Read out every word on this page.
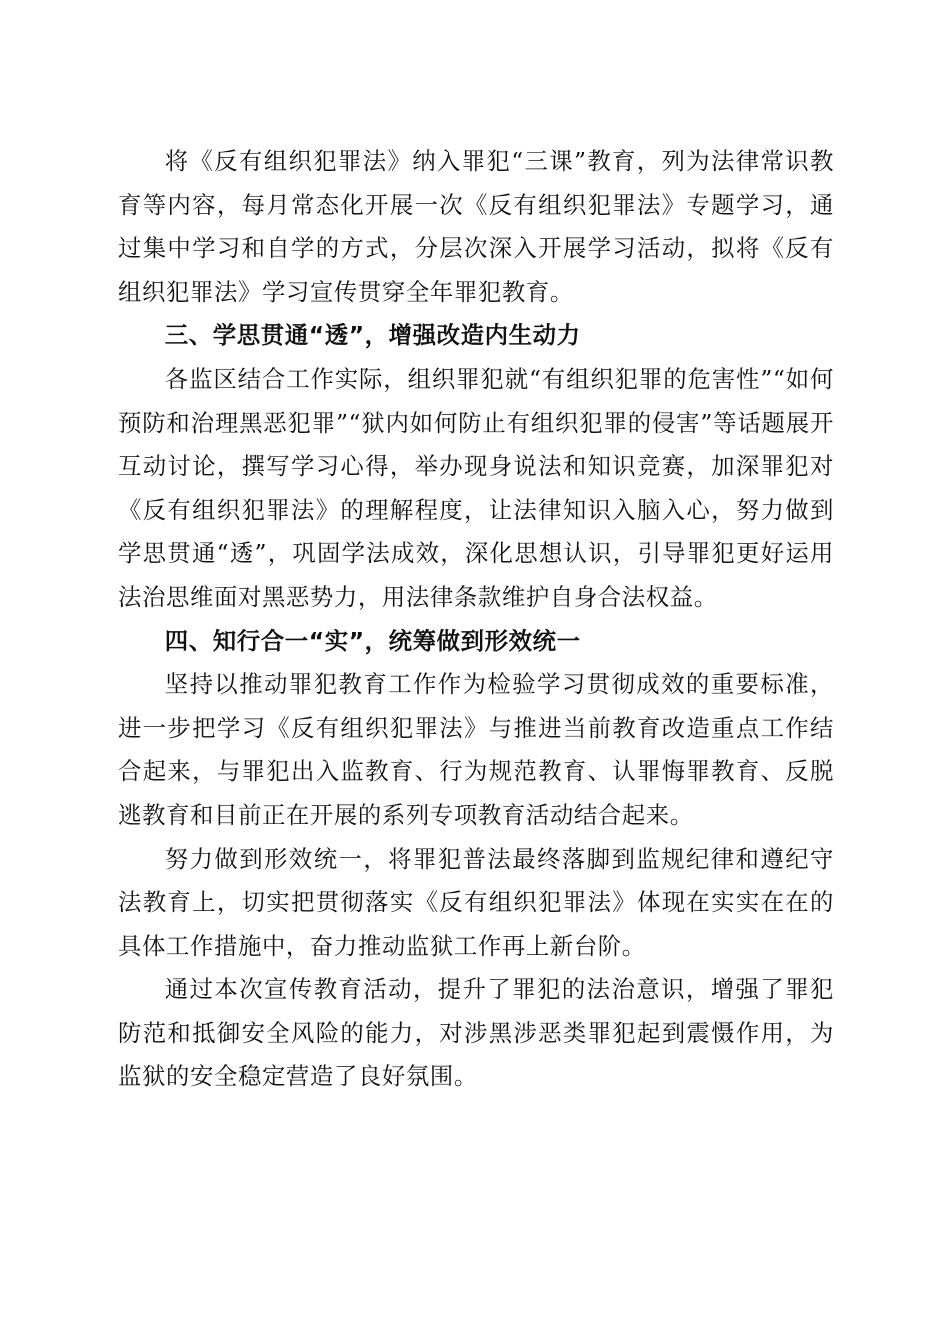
将《反有组织犯罪法》纳入罪犯“三课”教育，列为法律常识教育等内容，每月常态化开展一次《反有组织犯罪法》专题学习，通过集中学习和自学的方式，分层次深入开展学习活动，拟将《反有组织犯罪法》学习宣传贯穿全年罪犯教育。

三、学思贯通“透”，增强改造内生动力

各监区结合工作实际，组织罪犯就“有组织犯罪的危害性”“如何预防和治理黑恶犯罪”“狱内如何防止有组织犯罪的侵害”等话题展开互动讨论，撰写学习心得，举办现身说法和知识竞赛，加深罪犯对《反有组织犯罪法》的理解程度，让法律知识入脑入心，努力做到学思贯通“透”，巩固学法成效，深化思想认识，引导罪犯更好运用法治思维面对黑恶势力，用法律条款维护自身合法权益。

四、知行合一“实”，统筹做到形效统一

坚持以推动罪犯教育工作作为检验学习贯彻成效的重要标准，进一步把学习《反有组织犯罪法》与推进当前教育改造重点工作结合起来，与罪犯出入监教育、行为规范教育、认罪悔罪教育、反脱逃教育和目前正在开展的系列专项教育活动结合起来。

努力做到形效统一，将罪犯普法最终落脚到监规纪律和遵纪守法教育上，切实把贯彻落实《反有组织犯罪法》体现在实实在在的具体工作措施中，奋力推动监狱工作再上新台阶。

通过本次宣传教育活动，提升了罪犯的法治意识，增强了罪犯防范和抵御安全风险的能力，对涉黑涉恶类罪犯起到震慑作用，为监狱的安全稳定营造了良好氛围。
